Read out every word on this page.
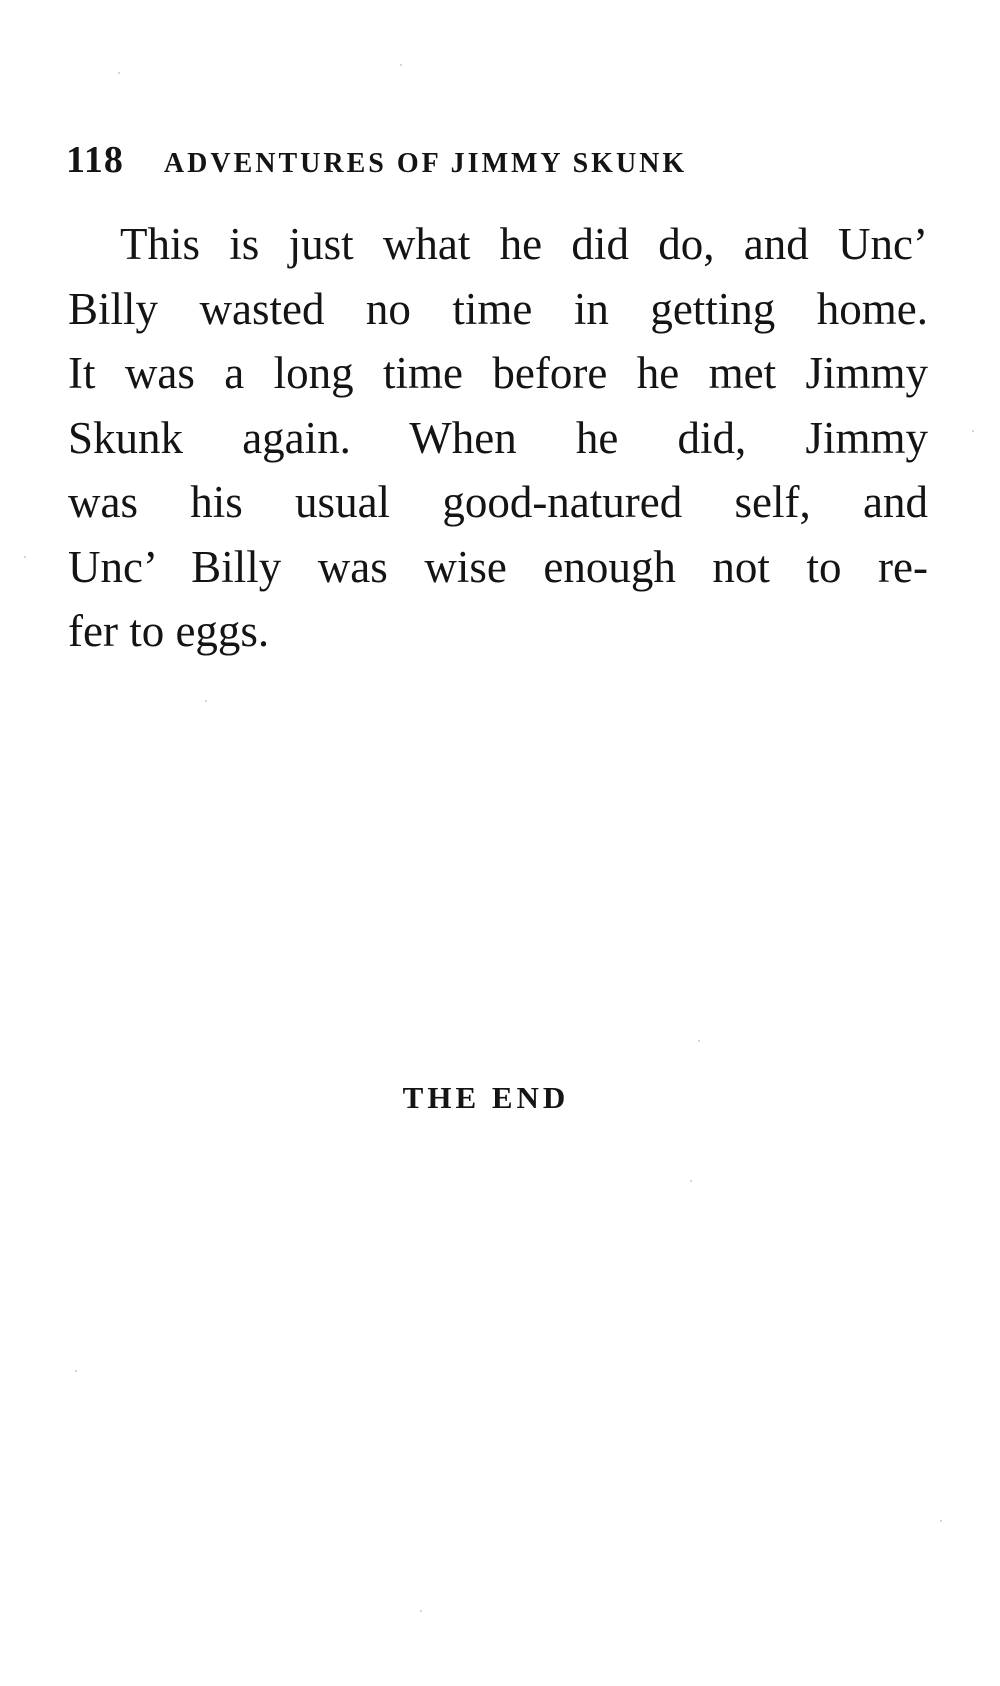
118 ADVENTURES OF JIMMY SKUNK
This is just what he did do, and Unc’
Billy wasted no time in getting home.
It was a long time before he met Jimmy
Skunk again. When he did, Jimmy
was his usual good-natured self, and
Unc’ Billy was wise enough not to re-
fer to eggs.
THE END
